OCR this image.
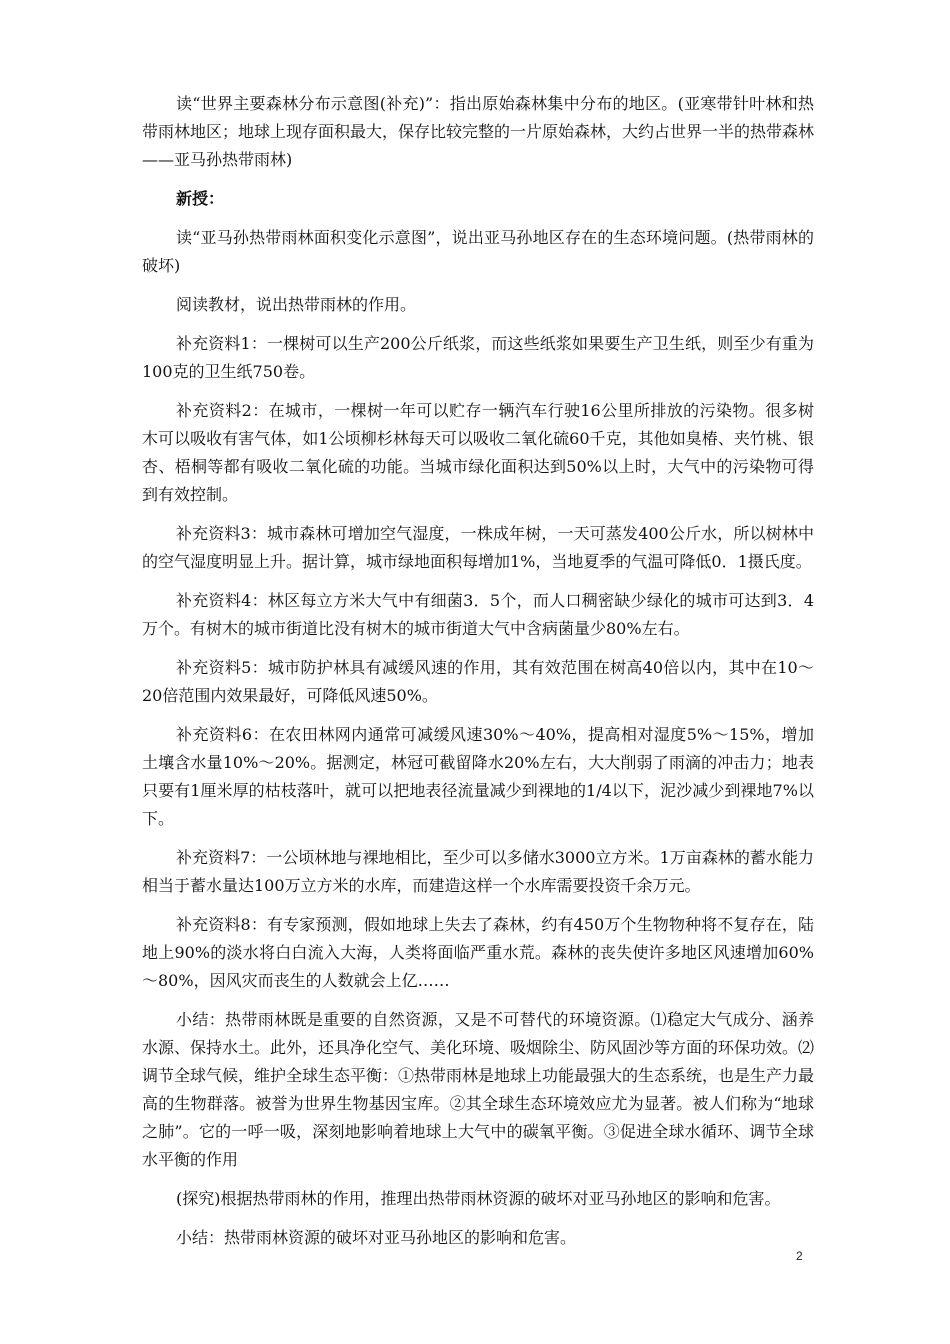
读“世界主要森林分布示意图(补充)”：指出原始森林集中分布的地区。(亚寒带针叶林和热带雨林地区；地球上现存面积最大，保存比较完整的一片原始森林，大约占世界一半的热带森林——亚马孙热带雨林)

新授：

读“亚马孙热带雨林面积变化示意图”，说出亚马孙地区存在的生态环境问题。(热带雨林的破坏)

阅读教材，说出热带雨林的作用。

补充资料1：一棵树可以生产200公斤纸浆，而这些纸浆如果要生产卫生纸，则至少有重为100克的卫生纸750卷。

补充资料2：在城市，一棵树一年可以贮存一辆汽车行驶16公里所排放的污染物。很多树木可以吸收有害气体，如1公顷柳杉林每天可以吸收二氧化硫60千克，其他如臭椿、夹竹桃、银杏、梧桐等都有吸收二氧化硫的功能。当城市绿化面积达到50%以上时，大气中的污染物可得到有效控制。

补充资料3：城市森林可增加空气湿度，一株成年树，一天可蒸发400公斤水，所以树林中的空气湿度明显上升。据计算，城市绿地面积每增加1%，当地夏季的气温可降低0．1摄氏度。

补充资料4：林区每立方米大气中有细菌3．5个，而人口稠密缺少绿化的城市可达到3．4万个。有树木的城市街道比没有树木的城市街道大气中含病菌量少80%左右。

补充资料5：城市防护林具有减缓风速的作用，其有效范围在树高40倍以内，其中在10～20倍范围内效果最好，可降低风速50%。

补充资料6：在农田林网内通常可减缓风速30%～40%，提高相对湿度5%～15%，增加土壤含水量10%～20%。据测定，林冠可截留降水20%左右，大大削弱了雨滴的冲击力；地表只要有1厘米厚的枯枝落叶，就可以把地表径流量减少到裸地的1/4以下，泥沙减少到裸地7%以下。

补充资料7：一公顷林地与裸地相比，至少可以多储水3000立方米。1万亩森林的蓄水能力相当于蓄水量达100万立方米的水库，而建造这样一个水库需要投资千余万元。

补充资料8：有专家预测，假如地球上失去了森林，约有450万个生物物种将不复存在，陆地上90%的淡水将白白流入大海，人类将面临严重水荒。森林的丧失使许多地区风速增加60%～80%，因风灾而丧生的人数就会上亿……

小结：热带雨林既是重要的自然资源，又是不可替代的环境资源。⑴稳定大气成分、涵养水源、保持水土。此外，还具净化空气、美化环境、吸烟除尘、防风固沙等方面的环保功效。⑵调节全球气候，维护全球生态平衡：①热带雨林是地球上功能最强大的生态系统，也是生产力最高的生物群落。被誉为世界生物基因宝库。②其全球生态环境效应尤为显著。被人们称为“地球之肺”。它的一呼一吸，深刻地影响着地球上大气中的碳氧平衡。③促进全球水循环、调节全球水平衡的作用

(探究)根据热带雨林的作用，推理出热带雨林资源的破坏对亚马孙地区的影响和危害。

小结：热带雨林资源的破坏对亚马孙地区的影响和危害。

2
